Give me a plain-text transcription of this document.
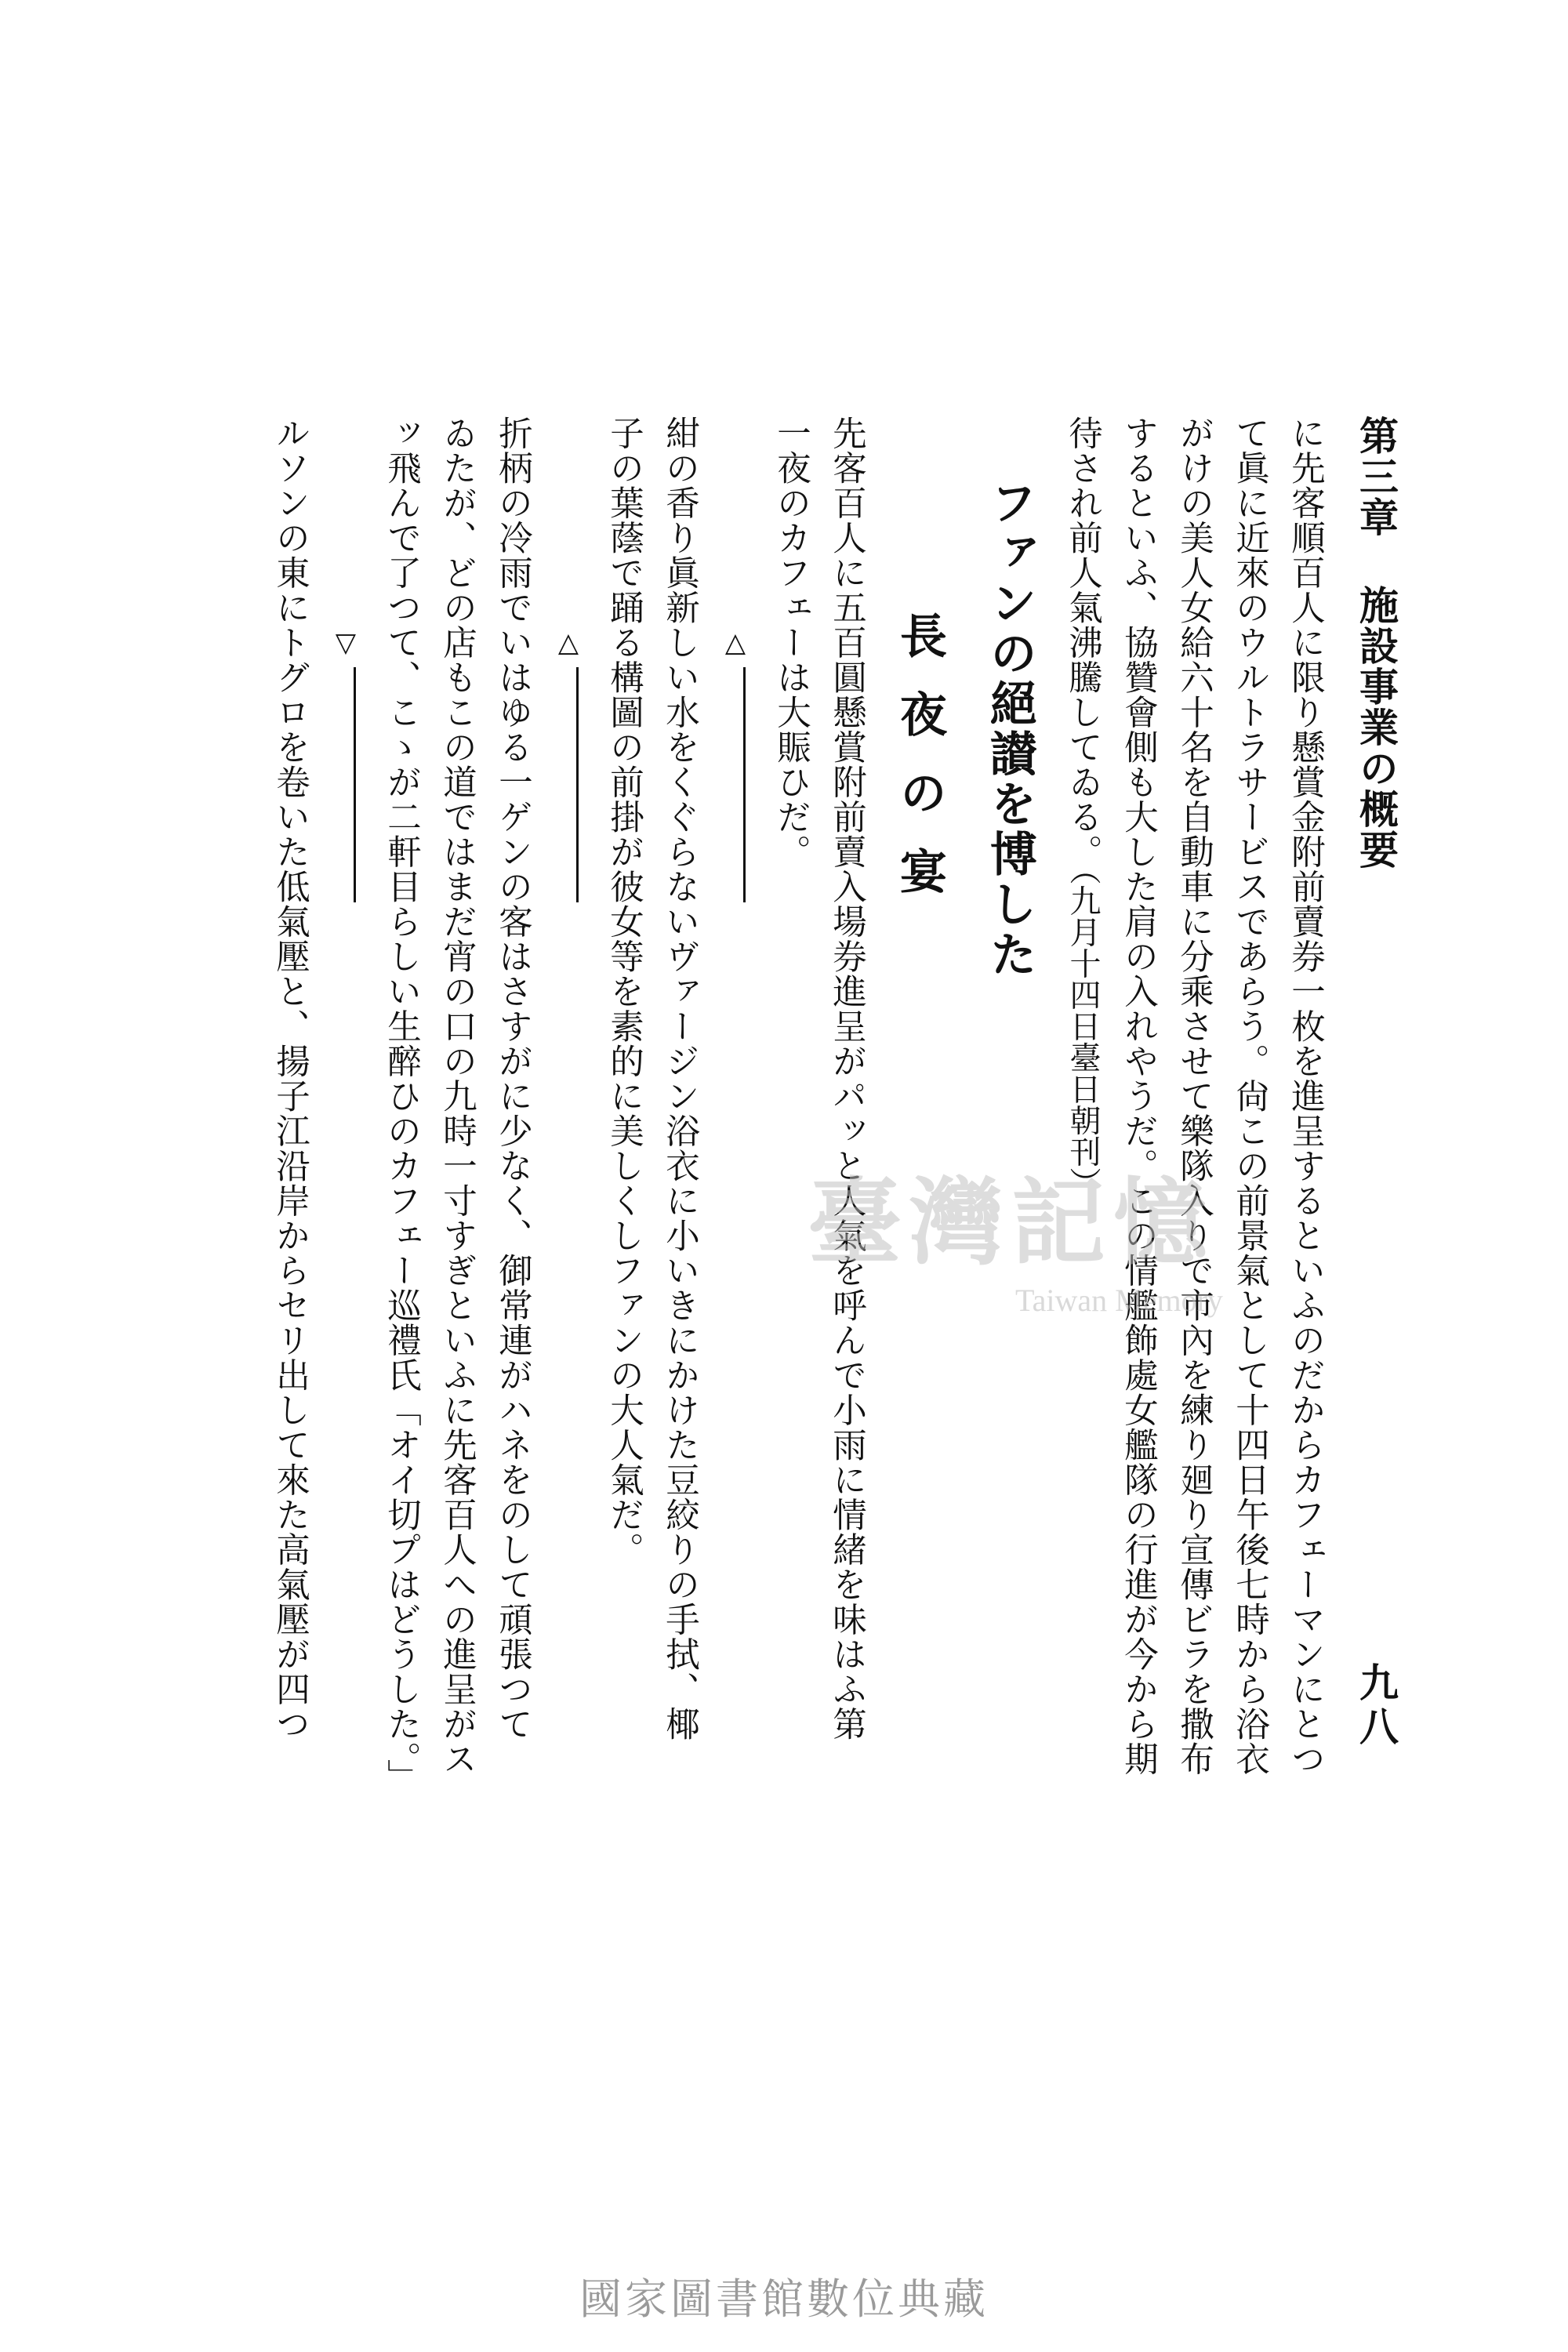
第三章施設事業の概要
九八

に先客順百人に限り懸賞金附前賣券一枚を進呈するといふのだからカフェーマンにとつ

て眞に近來のウルトラサービスであらう。尙この前景氣として十四日午後七時から浴衣

がけの美人女給六十名を自動車に分乘させて樂隊入りで市內を練り廻り宣傳ビラを撒布

するといふ、協贊會側も大した肩の入れやうだ。この情艦飾處女艦隊の行進が今から期

待され前人氣沸騰してゐる。（九月十四日臺日朝刊）

ファンの絕讃を博した

長夜の宴

先客百人に五百圓懸賞附前賣入場券進呈がパッと人氣を呼んで小雨に情緒を味はふ第

一夜のカフェーは大賑ひだ。

△

紺の香り眞新しい水をくぐらないヴァージン浴衣に小いきにかけた豆絞りの手拭、椰

子の葉蔭で踊る構圖の前掛が彼女等を素的に美しくしファンの大人氣だ。

△

折柄の冷雨でいはゆる一ゲンの客はさすがに少なく、御常連がハネをのして頑張つて

ゐたが、どの店もこの道ではまだ宵の口の九時一寸すぎといふに先客百人への進呈がス

ッ飛んで了つて、こゝが二軒目らしい生醉ひのカフェー巡禮氏「オイ切プはどうした。」

▽

ルソンの東にトグロを卷いた低氣壓と、揚子江沿岸からセリ出して來た高氣壓が四つ	臺灣記憶
Taiwan Memory
國家圖書館數位典藏
